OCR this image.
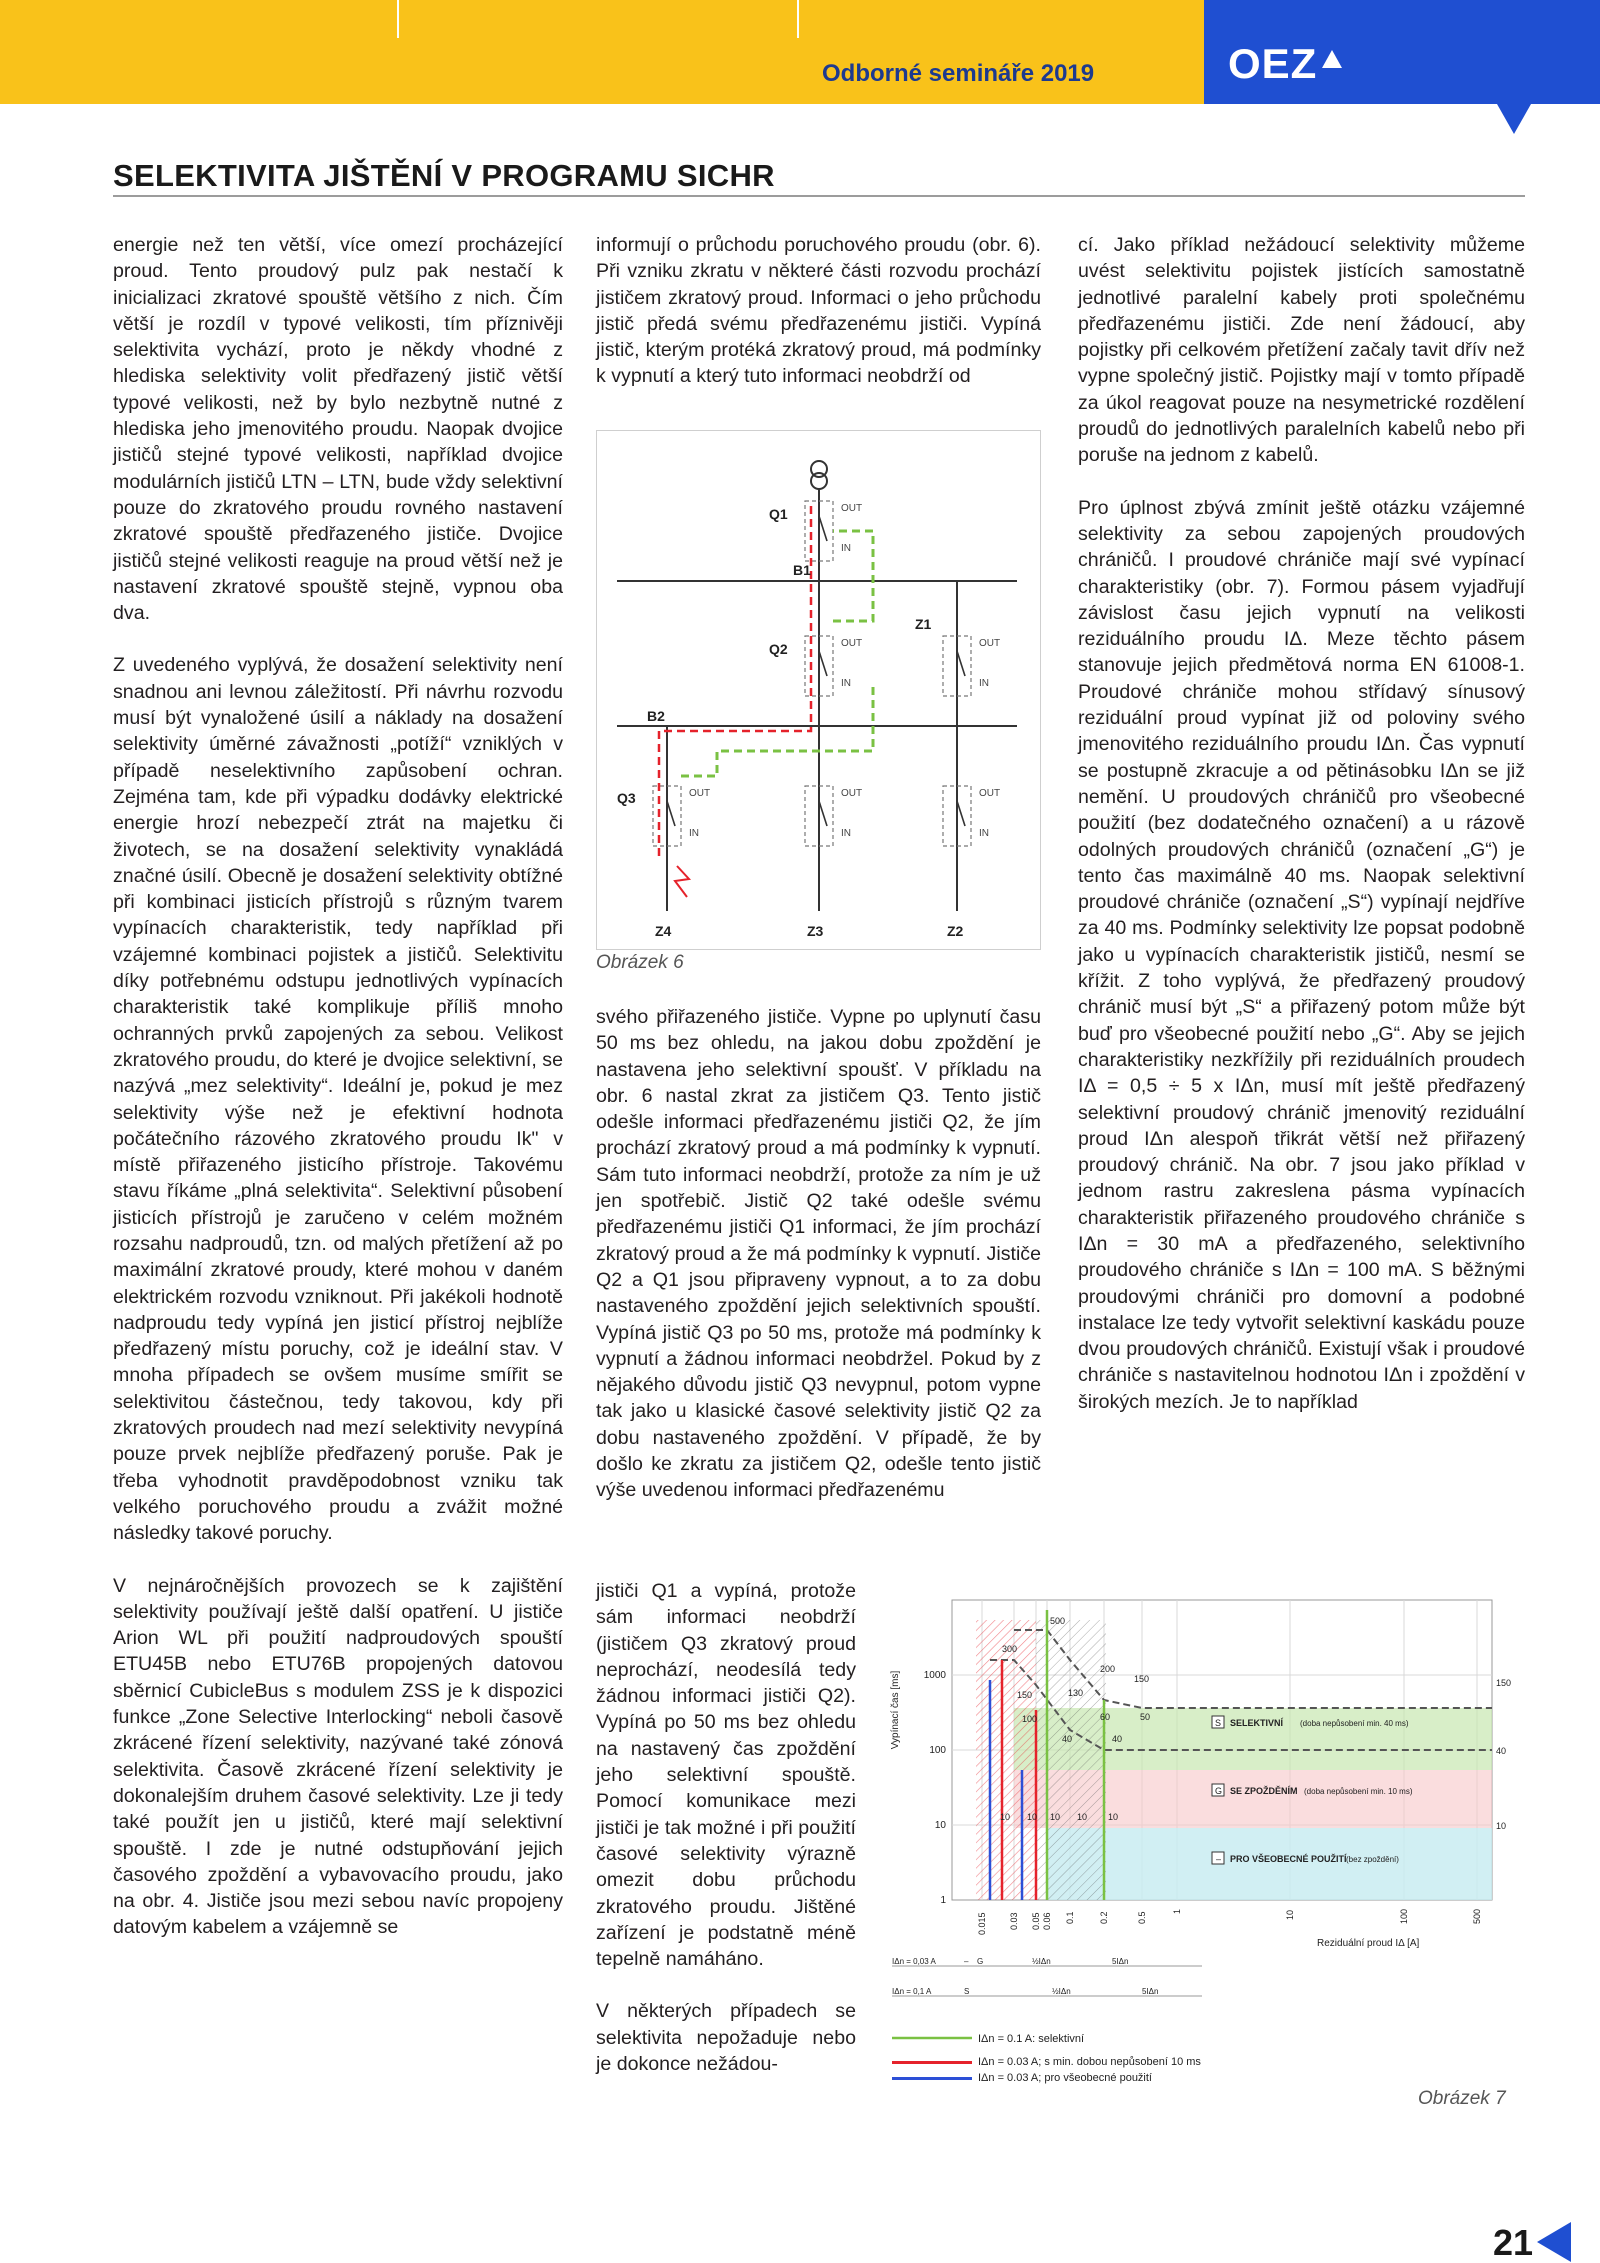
Odborné semináře 2019	OEZ
SELEKTIVITA JIŠTĚNÍ V PROGRAMU SICHR

energie než ten větší, více omezí procházející proud. Tento proudový pulz pak nestačí k inicializaci zkratové spouště většího z nich. Čím větší je rozdíl v typové velikosti, tím příznivěji selektivita vychází, proto je někdy vhodné z hlediska selektivity volit předřazený jistič větší typové velikosti, než by bylo nezbytně nutné z hlediska jeho jmenovitého proudu. Naopak dvojice jističů stejné typové velikosti, například dvojice modulárních jističů LTN – LTN, bude vždy selektivní pouze do zkratového proudu rovného nastavení zkratové spouště předřazeného jističe. Dvojice jističů stejné velikosti reaguje na proud větší než je nastavení zkratové spouště stejně, vypnou oba dva.

Z uvedeného vyplývá, že dosažení selektivity není snadnou ani levnou záležitostí. Při návrhu rozvodu musí být vynaložené úsilí a náklady na dosažení selektivity úměrné závažnosti „potíží“ vzniklých v případě neselektivního zapůsobení ochran. Zejména tam, kde při výpadku dodávky elektrické energie hrozí nebezpečí ztrát na majetku či životech, se na dosažení selektivity vynakládá značné úsilí. Obecně je dosažení selektivity obtížné při kombinaci jisticích přístrojů s různým tvarem vypínacích charakteristik, tedy například při vzájemné kombinaci pojistek a jističů. Selektivitu díky potřebnému odstupu jednotlivých vypínacích charakteristik také komplikuje příliš mnoho ochranných prvků zapojených za sebou. Velikost zkratového proudu, do které je dvojice selektivní, se nazývá „mez selektivity“. Ideální je, pokud je mez selektivity výše než je efektivní hodnota počátečního rázového zkratového proudu Ik" v místě přiřazeného jisticího přístroje. Takovému stavu říkáme „plná selektivita“. Selektivní působení jisticích přístrojů je zaručeno v celém možném rozsahu nadproudů, tzn. od malých přetížení až po maximální zkratové proudy, které mohou v daném elektrickém rozvodu vzniknout. Při jakékoli hodnotě nadproudu tedy vypíná jen jisticí přístroj nejblíže předřazený místu poruchy, což je ideální stav. V mnoha případech se ovšem musíme smířit se selektivitou částečnou, tedy takovou, kdy při zkratových proudech nad mezí selektivity nevypíná pouze prvek nejblíže předřazený poruše. Pak je třeba vyhodnotit pravděpodobnost vzniku tak velkého poruchového proudu a zvážit možné následky takové poruchy.

V nejnáročnějších provozech se k zajištění selektivity používají ještě další opatření. U jističe Arion WL při použití nadproudových spouští ETU45B nebo ETU76B propojených datovou sběrnicí CubicleBus s modulem ZSS je k dispozici funkce „Zone Selective Interlocking“ neboli časově zkrácené řízení selektivity, nazývané také zónová selektivita. Časově zkrácené řízení selektivity je dokonalejším druhem časové selektivity. Lze ji tedy také použít jen u jističů, které mají selektivní spouště. I zde je nutné odstupňování jejich časového zpoždění a vybavovacího proudu, jako na obr. 4. Jističe jsou mezi sebou navíc propojeny datovým kabelem a vzájemně se

informují o průchodu poruchového proudu (obr. 6). Při vzniku zkratu v některé části rozvodu prochází jističem zkratový proud. Informaci o jeho průchodu jistič předá svému předřazenému jističi. Vypíná jistič, kterým protéká zkratový proud, má podmínky k vypnutí a který tuto informaci neobdrží od

Q1
Q2
Q3
B1
B2
Z1
Z2
Z3
Z4
OUT
IN
OUT
IN
OUT
IN
OUT
IN
OUT
IN
OUT
IN
Obrázek 6

svého přiřazeného jističe. Vypne po uplynutí času 50 ms bez ohledu, na jakou dobu zpoždění je nastavena jeho selektivní spoušť. V příkladu na obr. 6 nastal zkrat za jističem Q3. Tento jistič odešle informaci předřazenému jističi Q2, že jím prochází zkratový proud a má podmínky k vypnutí. Sám tuto informaci neobdrží, protože za ním je už jen spotřebič. Jistič Q2 také odešle svému předřazenému jističi Q1 informaci, že jím prochází zkratový proud a že má podmínky k vypnutí. Jističe Q2 a Q1 jsou připraveny vypnout, a to za dobu nastaveného zpoždění jejich selektivních spouští. Vypíná jistič Q3 po 50 ms, protože má podmínky k vypnutí a žádnou informaci neobdržel. Pokud by z nějakého důvodu jistič Q3 nevypnul, potom vypne tak jako u klasické časové selektivity jistič Q2 za dobu nastaveného zpoždění. V případě, že by došlo ke zkratu za jističem Q2, odešle tento jistič výše uvedenou informaci předřazenému

jističi Q1 a vypíná, protože sám informaci neobdrží (jističem Q3 zkratový proud neprochází, neodesílá tedy žádnou informaci jističi Q2). Vypíná po 50 ms bez ohledu na nastavený čas zpoždění jeho selektivní spouště. Pomocí komunikace mezi jističi je tak možné i při použití časové selektivity výrazně omezit dobu průchodu zkratového proudu. Jištěné zařízení je podstatně méně tepelně namáháno.

V některých případech se selektivita nepožaduje nebo je dokonce nežádou-

cí. Jako příklad nežádoucí selektivity můžeme uvést selektivitu pojistek jistících samostatně jednotlivé paralelní kabely proti společnému předřazenému jističi. Zde není žádoucí, aby pojistky při celkovém přetížení začaly tavit dřív než vypne společný jistič. Pojistky mají v tomto případě za úkol reagovat pouze na nesymetrické rozdělení proudů do jednotlivých paralelních kabelů nebo při poruše na jednom z kabelů.

Pro úplnost zbývá zmínit ještě otázku vzájemné selektivity za sebou zapojených proudových chráničů. I proudové chrániče mají své vypínací charakteristiky (obr. 7). Formou pásem vyjadřují závislost času jejich vypnutí na velikosti reziduálního proudu IΔ. Meze těchto pásem stanovuje jejich předmětová norma EN 61008-1. Proudové chrániče mohou střídavý sínusový reziduální proud vypínat již od poloviny svého jmenovitého reziduálního proudu IΔn. Čas vypnutí se postupně zkracuje a od pětinásobku IΔn se již nemění. U proudových chráničů pro všeobecné použití (bez dodatečného označení) a u rázově odolných proudových chráničů (označení „G“) je tento čas maximálně 40 ms. Naopak selektivní proudové chrániče (označení „S“) vypínají nejdříve za 40 ms. Podmínky selektivity lze popsat podobně jako u vypínacích charakteristik jističů, nesmí se křížit. Z toho vyplývá, že předřazený proudový chránič musí být „S“ a přiřazený potom může být buď pro všeobecné použití nebo „G“. Aby se jejich charakteristiky nezkřížily při reziduálních proudech IΔ = 0,5 ÷ 5 x IΔn, musí mít ještě předřazený selektivní proudový chránič jmenovitý reziduální proud IΔn alespoň třikrát větší než přiřazený proudový chránič. Na obr. 7 jsou jako příklad v jednom rastru zakreslena pásma vypínacích charakteristik přiřazeného proudového chrániče s IΔn = 30 mA a předřazeného, selektivního proudového chrániče s IΔn = 100 mA. S běžnými proudovými chrániči pro domovní a podobné instalace lze tedy vytvořit selektivní kaskádu pouze dvou proudových chráničů. Existují však i proudové chrániče s nastavitelnou hodnotou IΔn i zpoždění v širokých mezích. Je to například

500
300
200
150
150	130
100	60	50
40	40
10 10 10 10 10
150
40
10
1
10
100
1000
Vypínací čas [ms]
0.015 0.03 0.05 0.06 0.1	0.2	0.5	1	10	100	500
Reziduální proud IΔ [A]
S SELEKTIVNÍ (doba nepůsobení min. 40 ms)
G SE ZPOŽDĚNÍM (doba nepůsobení min. 10 ms)
– PRO VŠEOBECNÉ POUŽITÍ (bez zpoždění)
IΔn = 0,03 A	– G	½IΔn	5IΔn
IΔn = 0,1 A	S	½IΔn	5IΔn
IΔn = 0.1 A: selektivní
IΔn = 0.03 A; s min. dobou nepůsobení 10 ms
IΔn = 0.03 A; pro všeobecné použití
Obrázek 7
21
